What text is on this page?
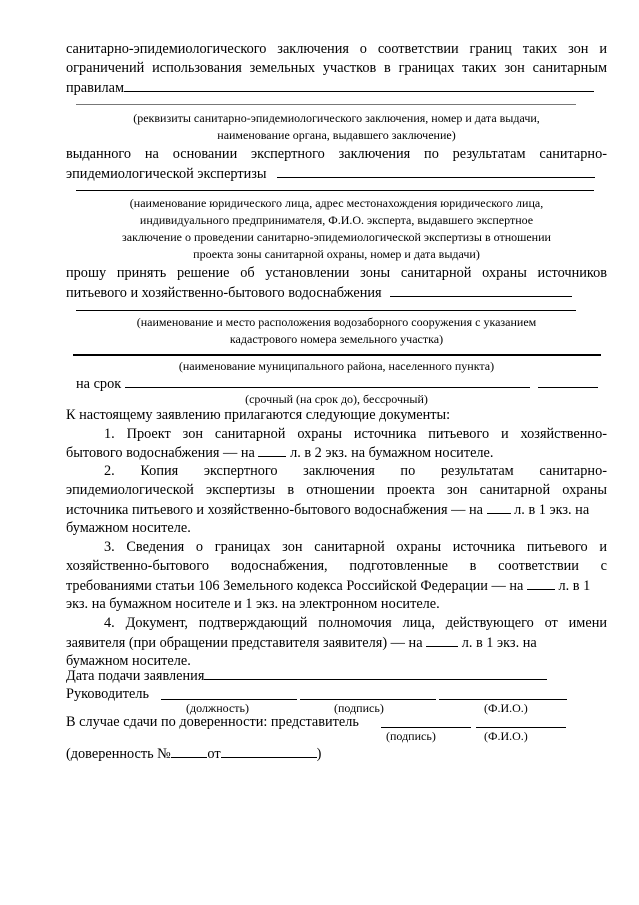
санитарно-эпидемиологического заключения о соответствии границ таких зон и
ограничений использования земельных участков в границах таких зон санитарным
правилам
(реквизиты санитарно-эпидемиологического заключения, номер и дата выдачи,
наименование органа, выдавшего заключение)
выданного на основании экспертного заключения по результатам санитарно-
эпидемиологической экспертизы
(наименование юридического лица, адрес местонахождения юридического лица,
индивидуального предпринимателя, Ф.И.О. эксперта, выдавшего экспертное
заключение о проведении санитарно-эпидемиологической экспертизы в отношении
проекта зоны санитарной охраны, номер и дата выдачи)
прошу принять решение об установлении зоны санитарной охраны источников
питьевого и хозяйственно-бытового водоснабжения
(наименование и место расположения водозаборного сооружения с указанием
кадастрового номера земельного участка)
(наименование муниципального района, населенного пункта)
на срок
(срочный (на срок до), бессрочный)
К настоящему заявлению прилагаются следующие документы:
1. Проект зон санитарной охраны источника питьевого и хозяйственно-
бытового водоснабжения — на л. в 2 экз. на бумажном носителе.
2. Копия экспертного заключения по результатам санитарно-
эпидемиологической экспертизы в отношении проекта зон санитарной охраны
источника питьевого и хозяйственно-бытового водоснабжения — на л. в 1 экз. на
бумажном носителе.
3. Сведения о границах зон санитарной охраны источника питьевого и
хозяйственно-бытового водоснабжения, подготовленные в соответствии с
требованиями статьи 106 Земельного кодекса Российской Федерации — на л. в 1
экз. на бумажном носителе и 1 экз. на электронном носителе.
4. Документ, подтверждающий полномочия лица, действующего от имени
заявителя (при обращении представителя заявителя) — на	л. в 1 экз. на
бумажном носителе.
Дата подачи заявления
Руководитель
(должность)	(подпись)	(Ф.И.О.)
В случае сдачи по доверенности: представитель
(подпись)	(Ф.И.О.)
(доверенность №	от	)
